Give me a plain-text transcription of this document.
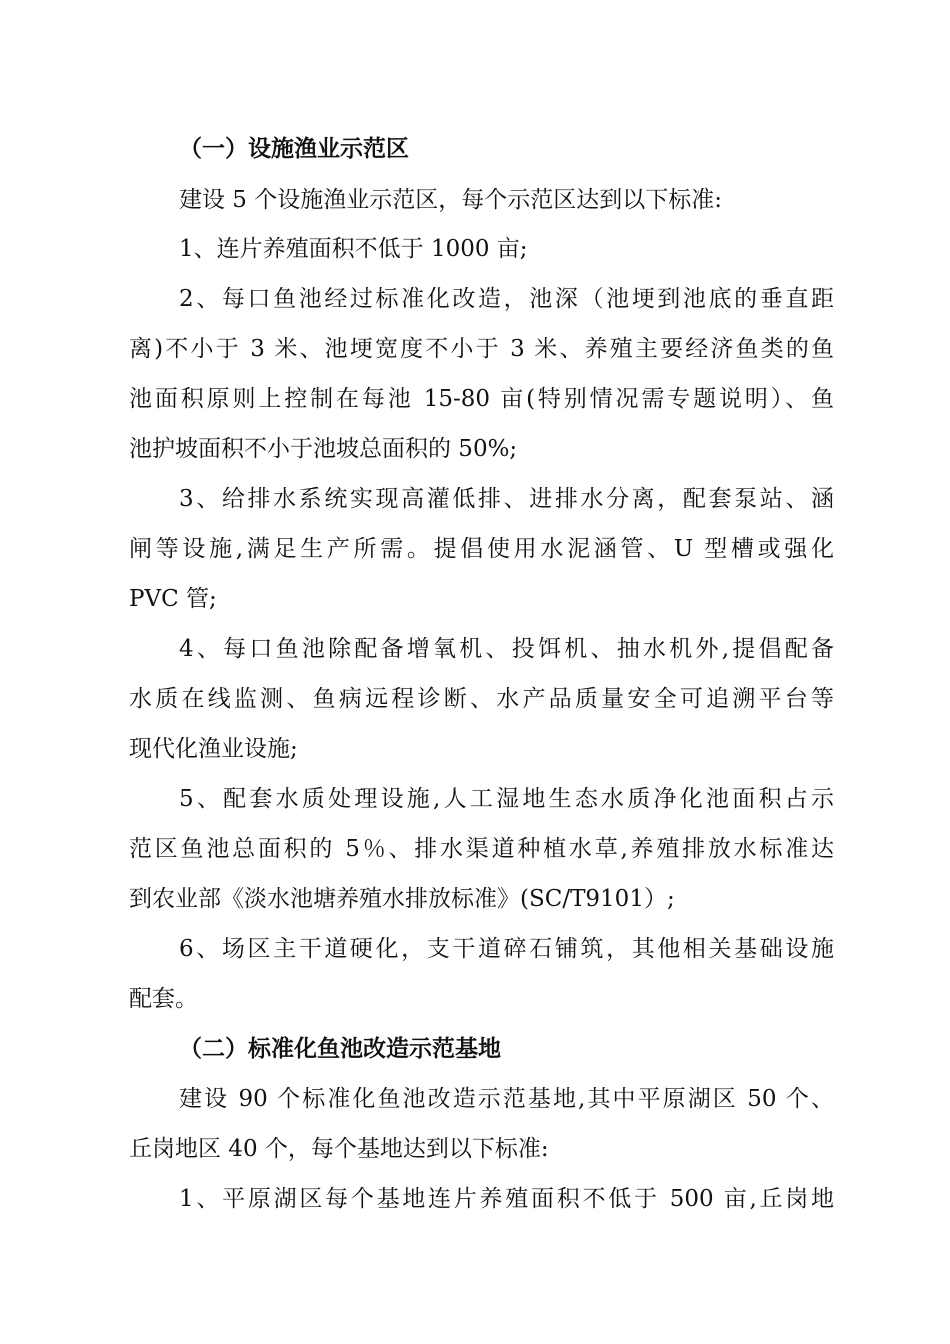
（一）设施渔业示范区
建设 5 个设施渔业示范区，每个示范区达到以下标准:
1、连片养殖面积不低于 1000 亩;
2、每口鱼池经过标准化改造，池深（池埂到池底的垂直距
离)不小于 3 米、池埂宽度不小于 3 米、养殖主要经济鱼类的鱼
池面积原则上控制在每池 15-80 亩(特别情况需专题说明）、鱼
池护坡面积不小于池坡总面积的 50%;
3、给排水系统实现高灌低排、进排水分离，配套泵站、涵
闸等设施,满足生产所需。提倡使用水泥涵管、U 型槽或强化
PVC 管;
4、每口鱼池除配备增氧机、投饵机、抽水机外,提倡配备
水质在线监测、鱼病远程诊断、水产品质量安全可追溯平台等
现代化渔业设施;
5、配套水质处理设施,人工湿地生态水质净化池面积占示
范区鱼池总面积的 5％、排水渠道种植水草,养殖排放水标准达
到农业部《淡水池塘养殖水排放标准》(SC/T9101）;
6、场区主干道硬化，支干道碎石铺筑，其他相关基础设施
配套。
（二）标准化鱼池改造示范基地
建设 90 个标准化鱼池改造示范基地,其中平原湖区 50 个、
丘岗地区 40 个，每个基地达到以下标准:
1、平原湖区每个基地连片养殖面积不低于 500 亩,丘岗地
